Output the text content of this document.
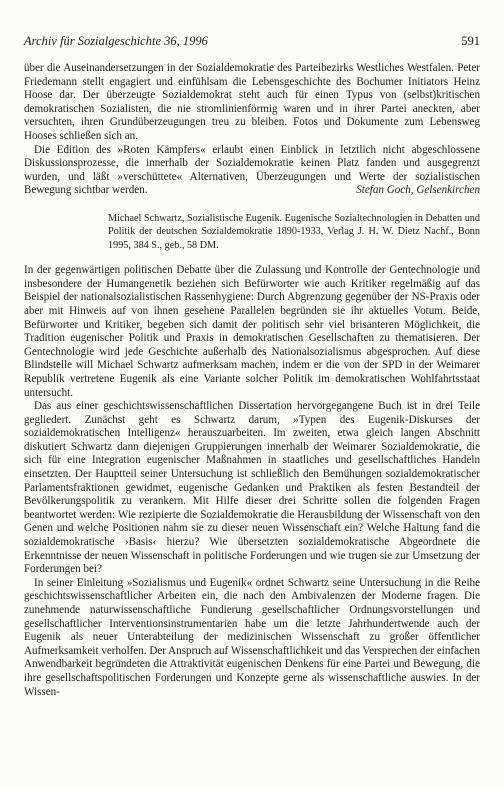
Archiv für Sozialgeschichte 36, 1996	591

über die Auseinandersetzungen in der Sozialdemokratie des Parteibezirks Westliches Westfalen. Peter Friedemann stellt engagiert und einfühlsam die Lebensgeschichte des Bochumer Initiators Heinz Hoose dar. Der überzeugte Sozialdemokrat steht auch für einen Typus von (selbst)kritischen demokratischen Sozialisten, die nie stromlinienförmig waren und in ihrer Partei aneckten, aber versuchten, ihren Grundüberzeugungen treu zu bleiben. Fotos und Dokumente zum Lebensweg Hooses schließen sich an.

Die Edition des »Roten Kämpfers« erlaubt einen Einblick in letztlich nicht abgeschlossene Diskussionsprozesse, die innerhalb der Sozialdemokratie keinen Platz fanden und ausgegrenzt wurden, und läßt »verschüttete« Alternativen, Überzeugungen und Werte der sozialistischen Bewegung sichtbar werden.	Stefan Goch, Gelsenkirchen

Michael Schwartz, Sozialistische Eugenik. Eugenische Sozialtechnologien in Debatten und Politik der deutschen Sozialdemokratie 1890-1933, Verlag J. H. W. Dietz Nachf., Bonn 1995, 384 S., geb., 58 DM.

In der gegenwärtigen politischen Debatte über die Zulassung und Kontrolle der Gentechnologie und insbesondere der Humangenetik beziehen sich Befürworter wie auch Kritiker regelmäßig auf das Beispiel der nationalsozialistischen Rassenhygiene: Durch Abgrenzung gegenüber der NS-Praxis oder aber mit Hinweis auf von ihnen gesehene Parallelen begründen sie ihr aktuelles Votum. Beide, Befürworter und Kritiker, begeben sich damit der politisch sehr viel brisanteren Möglichkeit, die Tradition eugenischer Politik und Praxis in demokratischen Gesellschaften zu thematisieren. Der Gentechnologie wird jede Geschichte außerhalb des Nationalsozialismus abgesprochen. Auf diese Blindstelle will Michael Schwartz aufmerksam machen, indem er die von der SPD in der Weimarer Republik vertretene Eugenik als eine Variante solcher Politik im demokratischen Wohlfahrtsstaat untersucht.

Das aus einer geschichtswissenschaftlichen Dissertation hervorgegangene Buch ist in drei Teile gegliedert. Zunächst geht es Schwartz darum, »Typen des Eugenik-Diskurses der sozialdemokratischen Intelligenz« herauszuarbeiten. Im zweiten, etwa gleich langen Abschnitt diskutiert Schwartz dann diejenigen Gruppierungen innerhalb der Weimarer Sozialdemokratie, die sich für eine Integration eugenischer Maßnahmen in staatliches und gesellschaftliches Handeln einsetzten. Der Hauptteil seiner Untersuchung ist schließlich den Bemühungen sozialdemokratischer Parlamentsfraktionen gewidmet, eugenische Gedanken und Praktiken als festen Bestandteil der Bevölkerungspolitik zu verankern. Mit Hilfe dieser drei Schritte sollen die folgenden Fragen beantwortet werden: Wie rezipierte die Sozialdemokratie die Herausbildung der Wissenschaft von den Genen und welche Positionen nahm sie zu dieser neuen Wissenschaft ein? Welche Haltung fand die sozialdemokratische ›Basis‹ hierzu? Wie übersetzten sozialdemokratische Abgeordnete die Erkenntnisse der neuen Wissenschaft in politische Forderungen und wie trugen sie zur Umsetzung der Forderungen bei?

In seiner Einleitung »Sozialismus und Eugenik« ordnet Schwartz seine Untersuchung in die Reihe geschichtswissenschaftlicher Arbeiten ein, die nach den Ambivalenzen der Moderne fragen. Die zunehmende naturwissenschaftliche Fundierung gesellschaftlicher Ordnungsvorstellungen und gesellschaftlicher Interventionsinstrumentarien habe um die letzte Jahrhundertwende auch der Eugenik als neuer Unterabteilung der medizinischen Wissenschaft zu großer öffentlicher Aufmerksamkeit verholfen. Der Anspruch auf Wissenschaftlichkeit und das Versprechen der einfachen Anwendbarkeit begründeten die Attraktivität eugenischen Denkens für eine Partei und Bewegung, die ihre gesellschaftspolitischen Forderungen und Konzepte gerne als wissenschaftliche auswies. In der Wissen-
